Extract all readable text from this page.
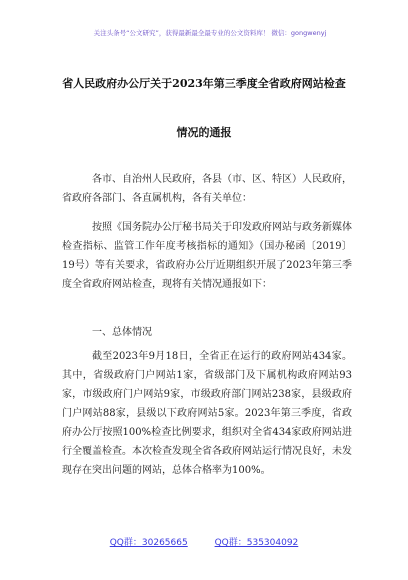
关注头条号“公文研究”，获得最新最全最专业的公文资料库！ 微信：gongwenyj
省人民政府办公厅关于2023年第三季度全省政府网站检查
情况的通报
各市、自治州人民政府，各县（市、区、特区）人民政府，省政府各部门、各直属机构，各有关单位：
按照《国务院办公厅秘书局关于印发政府网站与政务新媒体检查指标、监管工作年度考核指标的通知》（国办秘函〔2019〕19号）等有关要求，省政府办公厅近期组织开展了2023年第三季度全省政府网站检查，现将有关情况通报如下：
一、总体情况
截至2023年9月18日，全省正在运行的政府网站434家。其中，省级政府门户网站1家，省级部门及下属机构政府网站93家，市级政府门户网站9家，市级政府部门网站238家，县级政府门户网站88家，县级以下政府网站5家。2023年第三季度，省政府办公厅按照100%检查比例要求，组织对全省434家政府网站进行全覆盖检查。本次检查发现全省各政府网站运行情况良好，未发现存在突出问题的网站，总体合格率为100%。
QQ群：30265665	QQ群：535304092
